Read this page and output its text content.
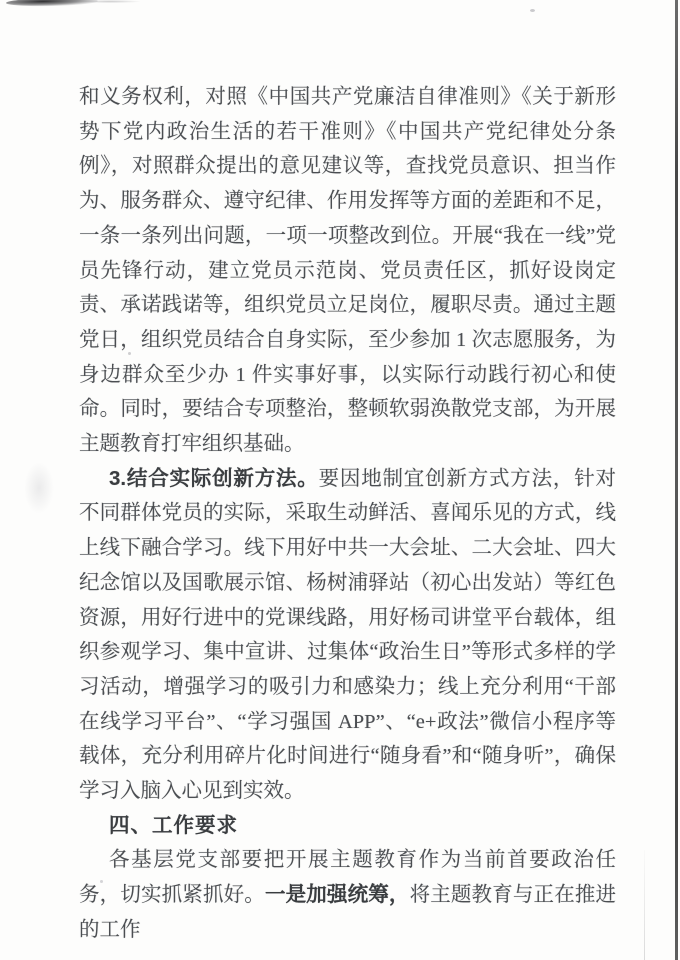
和义务权利，对照《中国共产党廉洁自律准则》《关于新形势下党内政治生活的若干准则》《中国共产党纪律处分条例》，对照群众提出的意见建议等，查找党员意识、担当作为、服务群众、遵守纪律、作用发挥等方面的差距和不足，一条一条列出问题，一项一项整改到位。开展“我在一线”党员先锋行动，建立党员示范岗、党员责任区，抓好设岗定责、承诺践诺等，组织党员立足岗位，履职尽责。通过主题党日，组织党员结合自身实际，至少参加 1 次志愿服务，为身边群众至少办 1 件实事好事，以实际行动践行初心和使命。同时，要结合专项整治，整顿软弱涣散党支部，为开展主题教育打牢组织基础。

3.结合实际创新方法。要因地制宜创新方式方法，针对不同群体党员的实际，采取生动鲜活、喜闻乐见的方式，线上线下融合学习。线下用好中共一大会址、二大会址、四大纪念馆以及国歌展示馆、杨树浦驿站（初心出发站）等红色资源，用好行进中的党课线路，用好杨司讲堂平台载体，组织参观学习、集中宣讲、过集体“政治生日”等形式多样的学习活动，增强学习的吸引力和感染力；线上充分利用“干部在线学习平台”、“学习强国 APP”、“e+政法”微信小程序等载体，充分利用碎片化时间进行“随身看”和“随身听”，确保学习入脑入心见到实效。

四、工作要求

各基层党支部要把开展主题教育作为当前首要政治任务，切实抓紧抓好。一是加强统筹，将主题教育与正在推进的工作
